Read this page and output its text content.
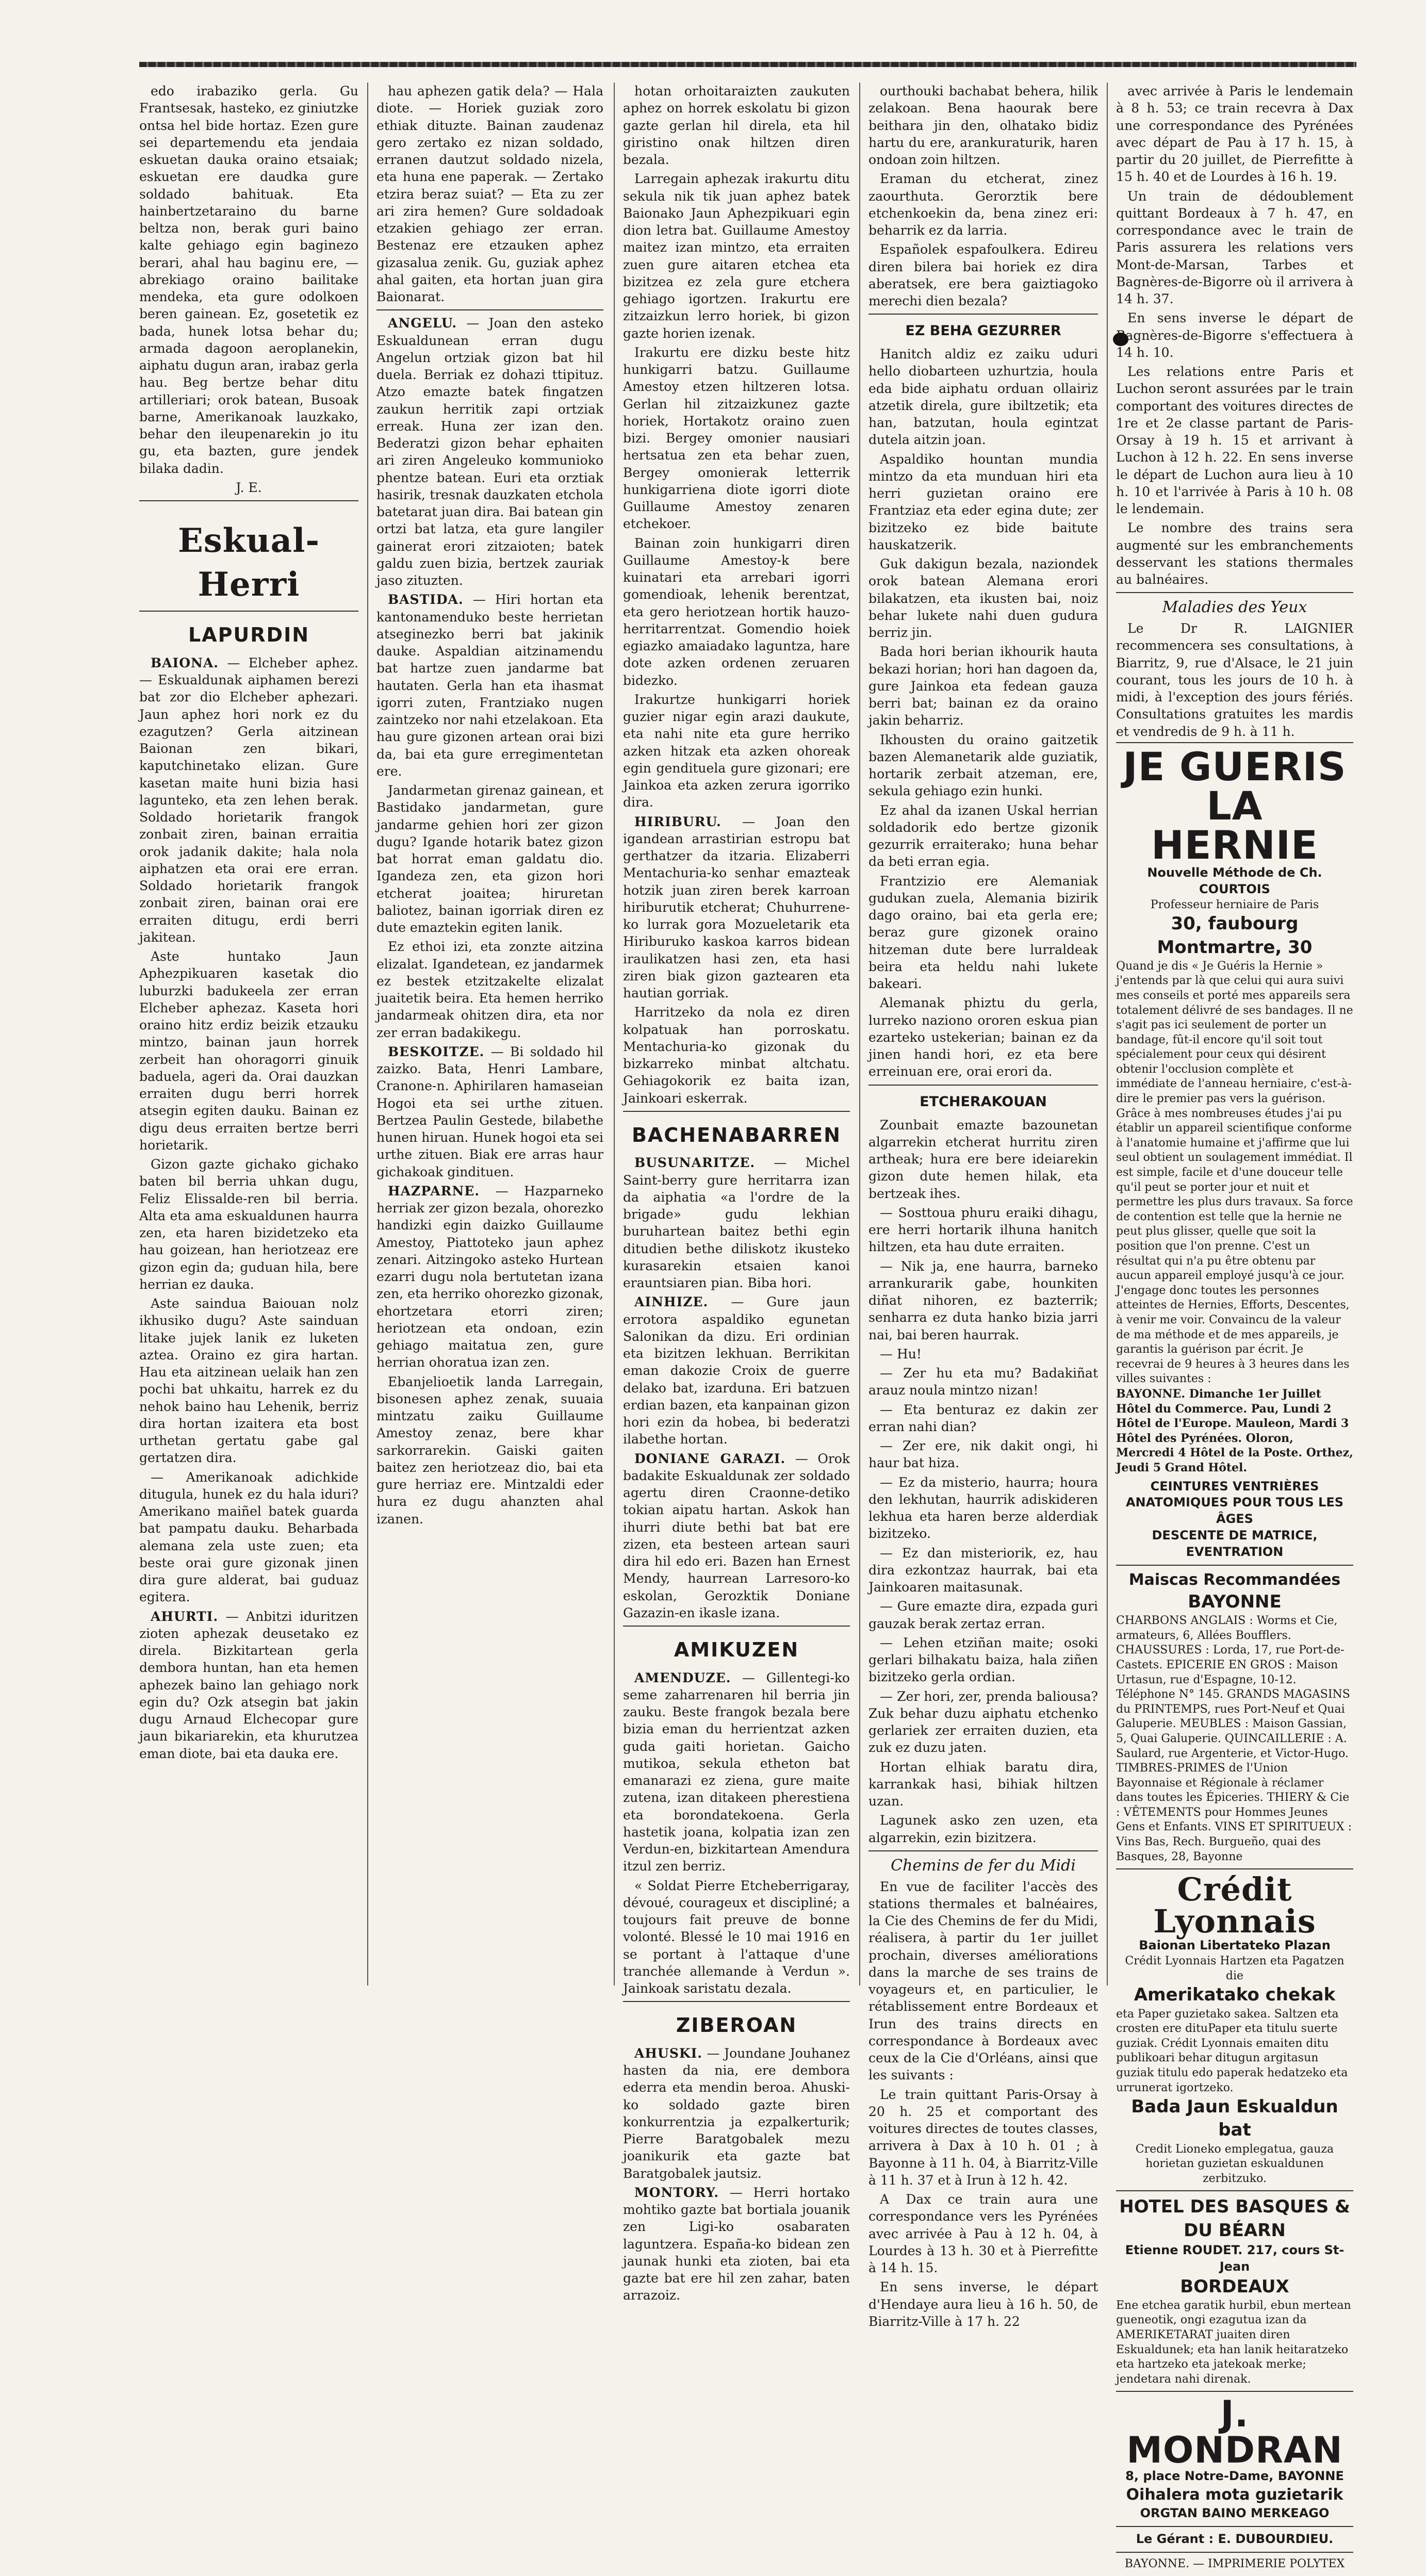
edo irabaziko gerla. Gu Frantsesak, hasteko, ez giniutzke ontsa hel bide hortaz. Ezen gure sei departemendu eta jendaia eskuetan dauka oraino etsaiak; eskuetan ere daudka gure soldado bahituak. Eta hainbertzetaraino du barne beltza non, berak guri baino kalte gehiago egin baginezo berari, ahal hau baginu ere, — abrekiago oraino bailitake mendeka, eta gure odolkoen beren gainean. Ez, gosetetik ez bada, hunek lotsa behar du; armada dagoon aeroplanekin, aiphatu dugun aran, irabaz gerla hau. Beg bertze behar ditu artilleriari; orok batean, Busoak barne, Amerikanoak lauzkako, behar den ileupenarekin jo itu gu, eta bazten, gure jendek bilaka dadin.

J. E.

Eskual-Herri
LAPURDIN

BAIONA. — Elcheber aphez. — Eskualdunak aiphamen berezi bat zor dio Elcheber aphezari. Jaun aphez hori nork ez du ezagutzen? Gerla aitzinean Baionan zen bikari, kaputchinetako elizan. Gure kasetan maite huni bizia hasi lagunteko, eta zen lehen berak. Soldado horietarik frangok zonbait ziren, bainan erraitia orok jadanik dakite; hala nola aiphatzen eta orai ere erran. Soldado horietarik frangok zonbait ziren, bainan orai ere erraiten ditugu, erdi berri jakitean.

Aste huntako Jaun Aphezpikuaren kasetak dio luburzki badukeela zer erran Elcheber aphezaz. Kaseta hori oraino hitz erdiz beizik etzauku mintzo, bainan jaun horrek zerbeit han ohoragorri ginuik baduela, ageri da. Orai dauzkan erraiten dugu berri horrek atsegin egiten dauku. Bainan ez digu deus erraiten bertze berri horietarik.

Gizon gazte gichako gichako baten bil berria uhkan dugu, Feliz Elissalde-ren bil berria. Alta eta ama eskualdunen haurra zen, eta haren bizidetzeko eta hau goizean, han heriotzeaz ere gizon egin da; guduan hila, bere herrian ez dauka.

Aste saindua Baiouan nolz ikhusiko dugu? Aste sainduan litake jujek lanik ez luketen aztea. Oraino ez gira hartan. Hau eta aitzinean uelaik han zen pochi bat uhkaitu, harrek ez du nehok baino hau Lehenik, berriz dira hortan izaitera eta bost urthetan gertatu gabe gal gertatzen dira.

— Amerikanoak adichkide ditugula, hunek ez du hala iduri? Amerikano maiñel batek guarda bat pampatu dauku. Beharbada alemana zela uste zuen; eta beste orai gure gizonak jinen dira gure alderat, bai guduaz egitera.

AHURTI. — Anbitzi iduritzen zioten aphezak deusetako ez direla. Bizkitartean gerla dembora huntan, han eta hemen aphezek baino lan gehiago nork egin du? Ozk atsegin bat jakin dugu Arnaud Elchecopar gure jaun bikariarekin, eta khurutzea eman diote, bai eta dauka ere.

hau aphezen gatik dela? — Hala diote. — Horiek guziak zoro ethiak dituzte. Bainan zaudenaz gero zertako ez nizan soldado, erranen dautzut soldado nizela, eta huna ene paperak. — Zertako etzira beraz suiat? — Eta zu zer ari zira hemen? Gure soldadoak etzakien gehiago zer erran. Bestenaz ere etzauken aphez gizasalua zenik. Gu, guziak aphez ahal gaiten, eta hortan juan gira Baionarat.

ANGELU. — Joan den asteko Eskualdunean erran dugu Angelun ortziak gizon bat hil duela. Berriak ez dohazi ttipituz. Atzo emazte batek fingatzen zaukun herritik zapi ortziak erreak. Huna zer izan den. Bederatzi gizon behar ephaiten ari ziren Angeleuko kommunioko phentze batean. Euri eta orztiak hasirik, tresnak dauzkaten etchola batetarat juan dira. Bai batean gin ortzi bat latza, eta gure langiler gainerat erori zitzaioten; batek galdu zuen bizia, bertzek zauriak jaso zituzten.

BASTIDA. — Hiri hortan eta kantonamenduko beste herrietan atseginezko berri bat jakinik dauke. Aspaldian aitzinamendu bat hartze zuen jandarme bat hautaten. Gerla han eta ihasmat igorri zuten, Frantziako nugen zaintzeko nor nahi etzelakoan. Eta hau gure gizonen artean orai bizi da, bai eta gure erregimentetan ere.

Jandarmetan girenaz gainean, et Bastidako jandarmetan, gure jandarme gehien hori zer gizon dugu? Igande hotarik batez gizon bat horrat eman galdatu dio. Igandeza zen, eta gizon hori etcherat joaitea; hiruretan baliotez, bainan igorriak diren ez dute emaztekin egiten lanik.

Ez ethoi izi, eta zonzte aitzina elizalat. Igandetean, ez jandarmek ez bestek etzitzakelte elizalat juaitetik beira. Eta hemen herriko jandarmeak ohitzen dira, eta nor zer erran badakikegu.

BESKOITZE. — Bi soldado hil zaizko. Bata, Henri Lambare, Cranone-n. Aphirilaren hamaseian Hogoi eta sei urthe zituen. Bertzea Paulin Gestede, bilabethe hunen hiruan. Hunek hogoi eta sei urthe zituen. Biak ere arras haur gichakoak gindituen.

HAZPARNE. — Hazparneko herriak zer gizon bezala, ohorezko handizki egin daizko Guillaume Amestoy, Piattoteko jaun aphez zenari. Aitzingoko asteko Hurtean ezarri dugu nola bertutetan izana zen, eta herriko ohorezko gizonak, ehortzetara etorri ziren; heriotzean eta ondoan, ezin gehiago maitatua zen, gure herrian ohoratua izan zen.

Ebanjelioetik landa Larregain, bisonesen aphez zenak, suuaia mintzatu zaiku Guillaume Amestoy zenaz, bere khar sarkorrarekin. Gaiski gaiten baitez zen heriotzeaz dio, bai eta gure herriaz ere. Mintzaldi eder hura ez dugu ahanzten ahal izanen.

hotan orhoitaraizten zaukuten aphez on horrek eskolatu bi gizon gazte gerlan hil direla, eta hil giristino onak hiltzen diren bezala.

Larregain aphezak irakurtu ditu sekula nik tik juan aphez batek Baionako Jaun Aphezpikuari egin dion letra bat. Guillaume Amestoy maitez izan mintzo, eta erraiten zuen gure aitaren etchea eta bizitzea ez zela gure etchera gehiago igortzen. Irakurtu ere zitzaizkun lerro horiek, bi gizon gazte horien izenak.

Irakurtu ere dizku beste hitz hunkigarri batzu. Guillaume Amestoy etzen hiltzeren lotsa. Gerlan hil zitzaizkunez gazte horiek, Hortakotz oraino zuen bizi. Bergey omonier nausiari hertsatua zen eta behar zuen, Bergey omonierak letterrik hunkigarriena diote igorri diote Guillaume Amestoy zenaren etchekoer.

Bainan zoin hunkigarri diren Guillaume Amestoy-k bere kuinatari eta arrebari igorri gomendioak, lehenik berentzat, eta gero heriotzean hortik hauzo-herritarrentzat. Gomendio hoiek egiazko amaiadako laguntza, hare dote azken ordenen zeruaren bidezko.

Irakurtze hunkigarri horiek guzier nigar egin arazi daukute, eta nahi nite eta gure herriko azken hitzak eta azken ohoreak egin gendituela gure gizonari; ere Jainkoa eta azken zerura igorriko dira.

HIRIBURU. — Joan den igandean arrastirian estropu bat gerthatzer da itzaria. Elizaberri Mentachuria-ko senhar emazteak hotzik juan ziren berek karroan hiriburutik etcherat; Chuhurrene-ko lurrak gora Mozueletarik eta Hiriburuko kaskoa karros bidean iraulikatzen hasi zen, eta hasi ziren biak gizon gaztearen eta hautian gorriak.

Harritzeko da nola ez diren kolpatuak han porroskatu. Mentachuria-ko gizonak du bizkarreko minbat altchatu. Gehiagokorik ez baita izan, Jainkoari eskerrak.

BACHENABARREN

BUSUNARITZE. — Michel Saint-berry gure herritarra izan da aiphatia «a l'ordre de la brigade» gudu lekhian buruhartean baitez bethi egin ditudien bethe diliskotz ikusteko kurasarekin etsaien kanoi erauntsiaren pian. Biba hori.

AINHIZE. — Gure jaun errotora aspaldiko egunetan Salonikan da dizu. Eri ordinian eta bizitzen lekhuan. Berrikitan eman dakozie Croix de guerre delako bat, izarduna. Eri batzuen erdian bazen, eta kanpainan gizon hori ezin da hobea, bi bederatzi ilabethe hortan.

DONIANE GARAZI. — Orok badakite Eskualdunak zer soldado agertu diren Craonne-detiko tokian aipatu hartan. Askok han ihurri diute bethi bat bat ere zizen, eta besteen artean sauri dira hil edo eri. Bazen han Ernest Mendy, haurrean Larresoro-ko eskolan, Gerozktik Doniane Gazazin-en ikasle izana.

AMIKUZEN

AMENDUZE. — Gillentegi-ko seme zaharrenaren hil berria jin zauku. Beste frangok bezala bere bizia eman du herrientzat azken guda gaiti horietan. Gaicho mutikoa, sekula etheton bat emanarazi ez ziena, gure maite zutena, izan ditakeen pherestiena eta borondatekoena. Gerla hastetik joana, kolpatia izan zen Verdun-en, bizkitartean Amendura itzul zen berriz.

« Soldat Pierre Etcheberrigaray, dévoué, courageux et discipliné; a toujours fait preuve de bonne volonté. Blessé le 10 mai 1916 en se portant à l'attaque d'une tranchée allemande à Verdun ». Jainkoak saristatu dezala.

ZIBEROAN

AHUSKI. — Joundane Jouhanez hasten da nia, ere dembora ederra eta mendin beroa. Ahuski-ko soldado gazte biren konkurrentzia ja ezpalkerturik; Pierre Baratgobalek mezu joanikurik eta gazte bat Baratgobalek jautsiz.

MONTORY. — Herri hortako mohtiko gazte bat bortiala jouanik zen Ligi-ko osabaraten laguntzera. España-ko bidean zen jaunak hunki eta zioten, bai eta gazte bat ere hil zen zahar, baten arrazoiz.

ourthouki bachabat behera, hilik zelakoan. Bena haourak bere beithara jin den, olhatako bidiz hartu du ere, arankuraturik, haren ondoan zoin hiltzen.

Eraman du etcherat, zinez zaourthuta. Gerorztik bere etchenkoekin da, bena zinez eri: beharrik ez da larria.

Españolek espafoulkera. Edireu diren bilera bai horiek ez dira aberatsek, ere bera gaiztiagoko merechi dien bezala?

EZ BEHA GEZURRER

Hanitch aldiz ez zaiku uduri hello diobarteen uzhurtzia, houla eda bide aiphatu orduan ollairiz atzetik direla, gure ibiltzetik; eta han, batzutan, houla egintzat dutela aitzin joan.

Aspaldiko hountan mundia mintzo da eta munduan hiri eta herri guzietan oraino ere Frantziaz eta eder egina dute; zer bizitzeko ez bide baitute hauskatzerik.

Guk dakigun bezala, naziondek orok batean Alemana erori bilakatzen, eta ikusten bai, noiz behar lukete nahi duen gudura berriz jin.

Bada hori berian ikhourik hauta bekazi horian; hori han dagoen da, gure Jainkoa eta fedean gauza berri bat; bainan ez da oraino jakin beharriz.

Ikhousten du oraino gaitzetik bazen Alemanetarik alde guziatik, hortarik zerbait atzeman, ere, sekula gehiago ezin hunki.

Ez ahal da izanen Uskal herrian soldadorik edo bertze gizonik gezurrik erraiterako; huna behar da beti erran egia.

Frantzizio ere Alemaniak gudukan zuela, Alemania bizirik dago oraino, bai eta gerla ere; beraz gure gizonek oraino hitzeman dute bere lurraldeak beira eta heldu nahi lukete bakeari.

Alemanak phiztu du gerla, lurreko naziono ororen eskua pian ezarteko ustekerian; bainan ez da jinen handi hori, ez eta bere erreinuan ere, orai erori da.

ETCHERAKOUAN

Zounbait emazte bazounetan algarrekin etcherat hurritu ziren artheak; hura ere bere ideiarekin gizon dute hemen hilak, eta bertzeak ihes.

— Sosttoua phuru eraiki dihagu, ere herri hortarik ilhuna hanitch hiltzen, eta hau dute erraiten.

— Nik ja, ene haurra, barneko arrankurarik gabe, hounkiten diñat nihoren, ez bazterrik; senharra ez duta hanko bizia jarri nai, bai beren haurrak.

— Hu!

— Zer hu eta mu? Badakiñat arauz noula mintzo nizan!

— Eta benturaz ez dakin zer erran nahi dian?

— Zer ere, nik dakit ongi, hi haur bat hiza.

— Ez da misterio, haurra; houra den lekhutan, haurrik adiskideren lekhua eta haren berze alderdiak bizitzeko.

— Ez dan misteriorik, ez, hau dira ezkontzaz haurrak, bai eta Jainkoaren maitasunak.

— Gure emazte dira, ezpada guri gauzak berak zertaz erran.

— Lehen etziñan maite; osoki gerlari bilhakatu baiza, hala ziñen bizitzeko gerla ordian.

— Zer hori, zer, prenda baliousa? Zuk behar duzu aiphatu etchenko gerlariek zer erraiten duzien, eta zuk ez duzu jaten.

Hortan elhiak baratu dira, karrankak hasi, bihiak hiltzen uzan.

Lagunek asko zen uzen, eta algarrekin, ezin bizitzera.

Chemins de fer du Midi

En vue de faciliter l'accès des stations thermales et balnéaires, la Cie des Chemins de fer du Midi, réalisera, à partir du 1er juillet prochain, diverses améliorations dans la marche de ses trains de voyageurs et, en particulier, le rétablissement entre Bordeaux et Irun des trains directs en correspondance à Bordeaux avec ceux de la Cie d'Orléans, ainsi que les suivants :

Le train quittant Paris-Orsay à 20 h. 25 et comportant des voitures directes de toutes classes, arrivera à Dax à 10 h. 01 ; à Bayonne à 11 h. 04, à Biarritz-Ville à 11 h. 37 et à Irun à 12 h. 42.

A Dax ce train aura une correspondance vers les Pyrénées avec arrivée à Pau à 12 h. 04, à Lourdes à 13 h. 30 et à Pierrefitte à 14 h. 15.

En sens inverse, le départ d'Hendaye aura lieu à 16 h. 50, de Biarritz-Ville à 17 h. 22

avec arrivée à Paris le lendemain à 8 h. 53; ce train recevra à Dax une correspondance des Pyrénées avec départ de Pau à 17 h. 15, à partir du 20 juillet, de Pierrefitte à 15 h. 40 et de Lourdes à 16 h. 19.

Un train de dédoublement quittant Bordeaux à 7 h. 47, en correspondance avec le train de Paris assurera les relations vers Mont-de-Marsan, Tarbes et Bagnères-de-Bigorre où il arrivera à 14 h. 37.

En sens inverse le départ de Bagnères-de-Bigorre s'effectuera à 14 h. 10.

Les relations entre Paris et Luchon seront assurées par le train comportant des voitures directes de 1re et 2e classe partant de Paris-Orsay à 19 h. 15 et arrivant à Luchon à 12 h. 22. En sens inverse le départ de Luchon aura lieu à 10 h. 10 et l'arrivée à Paris à 10 h. 08 le lendemain.

Le nombre des trains sera augmenté sur les embranchements desservant les stations thermales au balnéaires.

Maladies des Yeux

Le Dr R. LAIGNIER recommencera ses consultations, à Biarritz, 9, rue d'Alsace, le 21 juin courant, tous les jours de 10 h. à midi, à l'exception des jours fériés. Consultations gratuites les mardis et vendredis de 9 h. à 11 h.

JE GUERIS LA HERNIE
Nouvelle Méthode de Ch. COURTOIS
Professeur herniaire de Paris
30, faubourg Montmartre, 30
Quand je dis « Je Guéris la Hernie » j'entends par là que celui qui aura suivi mes conseils et porté mes appareils sera totalement délivré de ses bandages. Il ne s'agit pas ici seulement de porter un bandage, fût-il encore qu'il soit tout spécialement pour ceux qui désirent obtenir l'occlusion complète et immédiate de l'anneau herniaire, c'est-à-dire le premier pas vers la guérison. Grâce à mes nombreuses études j'ai pu établir un appareil scientifique conforme à l'anatomie humaine et j'affirme que lui seul obtient un soulagement immédiat. Il est simple, facile et d'une douceur telle qu'il peut se porter jour et nuit et permettre les plus durs travaux. Sa force de contention est telle que la hernie ne peut plus glisser, quelle que soit la position que l'on prenne. C'est un résultat qui n'a pu être obtenu par aucun appareil employé jusqu'à ce jour. J'engage donc toutes les personnes atteintes de Hernies, Efforts, Descentes, à venir me voir. Convaincu de la valeur de ma méthode et de mes appareils, je garantis la guérison par écrit. Je recevrai de 9 heures à 3 heures dans les villes suivantes :
BAYONNE. Dimanche 1er Juillet Hôtel du Commerce. Pau, Lundi 2 Hôtel de l'Europe. Mauleon, Mardi 3 Hôtel des Pyrénées. Oloron, Mercredi 4 Hôtel de la Poste. Orthez, Jeudi 5 Grand Hôtel.
CEINTURES VENTRIÈRES ANATOMIQUES POUR TOUS LES ÂGES
DESCENTE DE MATRICE, EVENTRATION
Maiscas Recommandées
BAYONNE
CHARBONS ANGLAIS : Worms et Cie, armateurs, 6, Allées Boufflers. CHAUSSURES : Lorda, 17, rue Port-de-Castets. EPICERIE EN GROS : Maison Urtasun, rue d'Espagne, 10-12. Téléphone N° 145. GRANDS MAGASINS du PRINTEMPS, rues Port-Neuf et Quai Galuperie. MEUBLES : Maison Gassian, 5, Quai Galuperie. QUINCAILLERIE : A. Saulard, rue Argenterie, et Victor-Hugo. TIMBRES-PRIMES de l'Union Bayonnaise et Régionale à réclamer dans toutes les Épiceries. THIERY & Cie : VÊTEMENTS pour Hommes Jeunes Gens et Enfants. VINS ET SPIRITUEUX : Vins Bas, Rech. Burgueño, quai des Basques, 28, Bayonne
Crédit Lyonnais
Baionan Libertateko Plazan
Crédit Lyonnais Hartzen eta Pagatzen die
Amerikatako chekak
eta Paper guzietako sakea. Saltzen eta crosten ere dituPaper eta titulu suerte guziak. Crédit Lyonnais emaiten ditu publikoari behar ditugun argitasun guziak titulu edo paperak hedatzeko eta urrunerat igortzeko.
Bada Jaun Eskualdun bat
Credit Lioneko emplegatua, gauza horietan guzietan eskualdunen zerbitzuko.
HOTEL DES BASQUES & DU BÉARN
Etienne ROUDET. 217, cours St-Jean
BORDEAUX
Ene etchea garatik hurbil, ebun mertean gueneotik, ongi ezagutua izan da AMERIKETARAT juaiten diren Eskualdunek; eta han lanik heitaratzeko eta hartzeko eta jatekoak merke; jendetara nahi direnak.
J. MONDRAN
8, place Notre-Dame, BAYONNE
Oihalera mota guzietarik
ORGTAN BAINO MERKEAGO
Le Gérant : E. DUBOURDIEU.
BAYONNE. — IMPRIMERIE POLYTEX
